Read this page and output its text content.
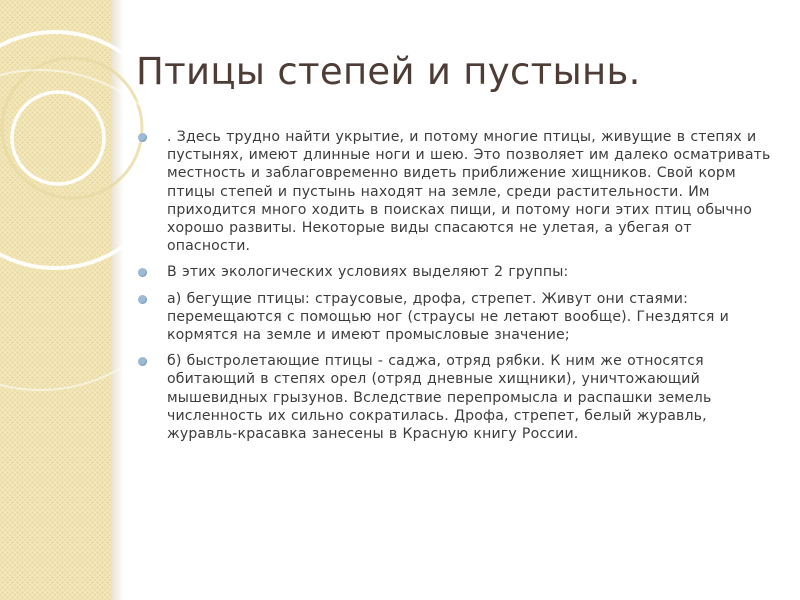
Птицы степей и пустынь.
. Здесь трудно найти укрытие, и потому многие птицы, живущие в степях и пустынях, имеют длинные ноги и шею. Это позволяет им далеко осматривать местность и заблаговременно видеть приближение хищников. Свой корм птицы степей и пустынь находят на земле, среди растительности. Им приходится много ходить в поисках пищи, и потому ноги этих птиц обычно хорошо развиты. Некоторые виды спасаются не улетая, а убегая от опасности.
В этих экологических условиях выделяют 2 группы:
а) бегущие птицы: страусовые, дрофа, стрепет. Живут они стаями: перемещаются с помощью ног (страусы не летают вообще). Гнездятся и кормятся на земле и имеют промысловые значение;
б) быстролетающие птицы - саджа, отряд рябки. К ним же относятся обитающий в степях орел (отряд дневные хищники), уничтожающий мышевидных грызунов. Вследствие перепромысла и распашки земель численность их сильно сократилась. Дрофа, стрепет, белый журавль, журавль-красавка занесены в Красную книгу России.
